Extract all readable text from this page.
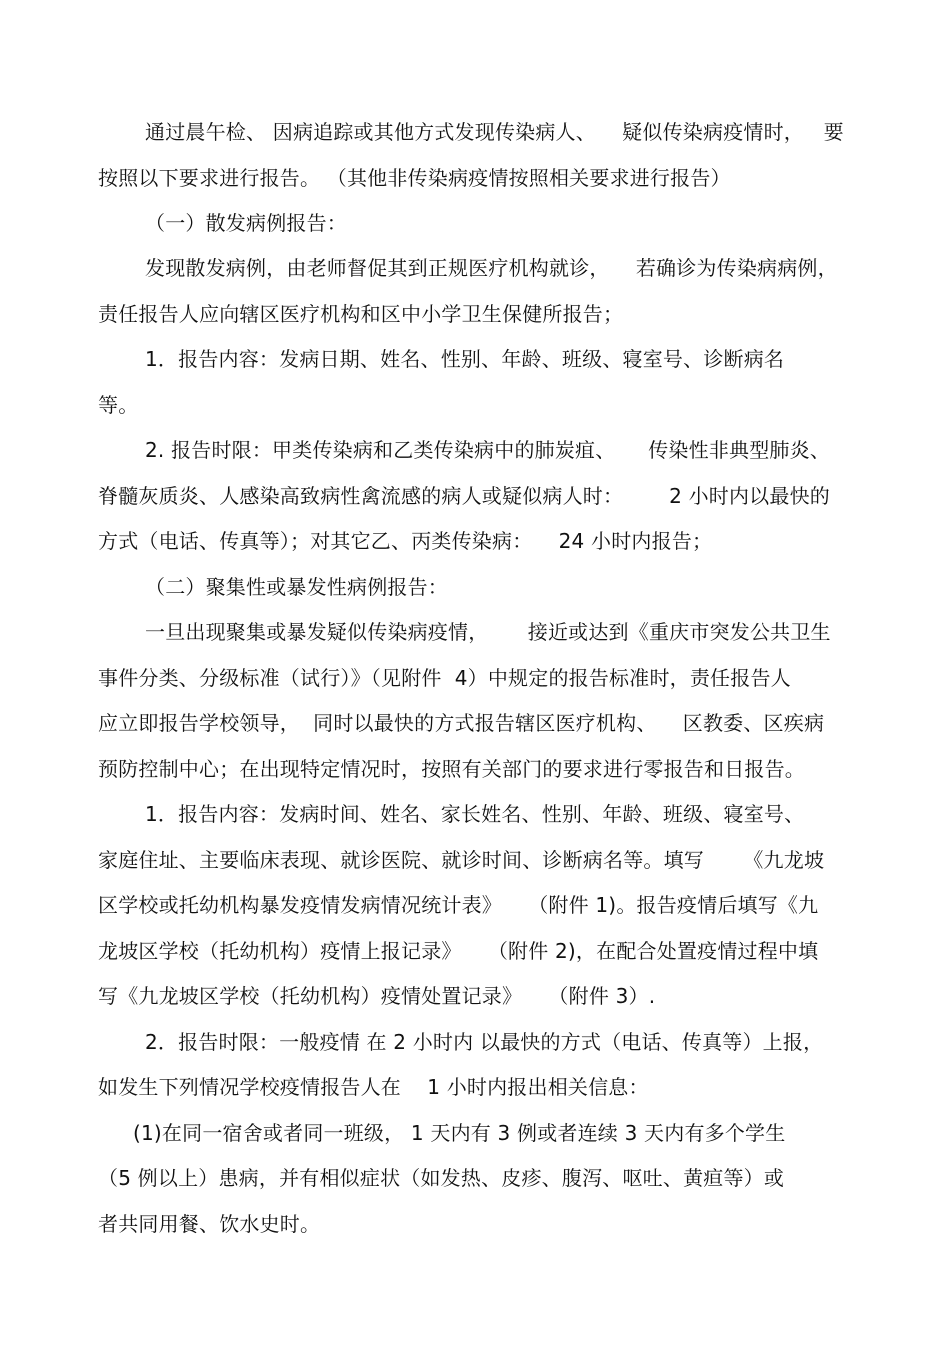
通过晨午检、 因病追踪或其他方式发现传染病人、    疑似传染病疫情时，   要
按照以下要求进行报告。 （其他非传染病疫情按照相关要求进行报告）
（一）散发病例报告：
发现散发病例，由老师督促其到正规医疗机构就诊，    若确诊为传染病病例，
责任报告人应向辖区医疗机构和区中小学卫生保健所报告；
1．报告内容：发病日期、姓名、性别、年龄、班级、寝室号、诊断病名
等。
2. 报告时限：甲类传染病和乙类传染病中的肺炭疽、     传染性非典型肺炎、
脊髓灰质炎、人感染高致病性禽流感的病人或疑似病人时：       2 小时内以最快的
方式（电话、传真等）；对其它乙、丙类传染病：    24 小时内报告；
（二）聚集性或暴发性病例报告：
一旦出现聚集或暴发疑似传染病疫情，      接近或达到《重庆市突发公共卫生
事件分类、分级标准（试行）》（见附件  4）中规定的报告标准时，责任报告人
应立即报告学校领导，  同时以最快的方式报告辖区医疗机构、    区教委、区疾病
预防控制中心；在出现特定情况时，按照有关部门的要求进行零报告和日报告。
1．报告内容：发病时间、姓名、家长姓名、性别、年龄、班级、寝室号、
家庭住址、主要临床表现、就诊医院、就诊时间、诊断病名等。填写      《九龙坡
区学校或托幼机构暴发疫情发病情况统计表》    （附件 1)。报告疫情后填写《九
龙坡区学校（托幼机构）疫情上报记录》    （附件 2)，在配合处置疫情过程中填
写《九龙坡区学校（托幼机构）疫情处置记录》    （附件 3）.
2．报告时限：一般疫情 在 2 小时内 以最快的方式（电话、传真等）上报，
如发生下列情况学校疫情报告人在    1 小时内报出相关信息：
(1)在同一宿舍或者同一班级， 1 天内有 3 例或者连续 3 天内有多个学生
（5 例以上）患病，并有相似症状（如发热、皮疹、腹泻、呕吐、黄疸等）或
者共同用餐、饮水史时。
